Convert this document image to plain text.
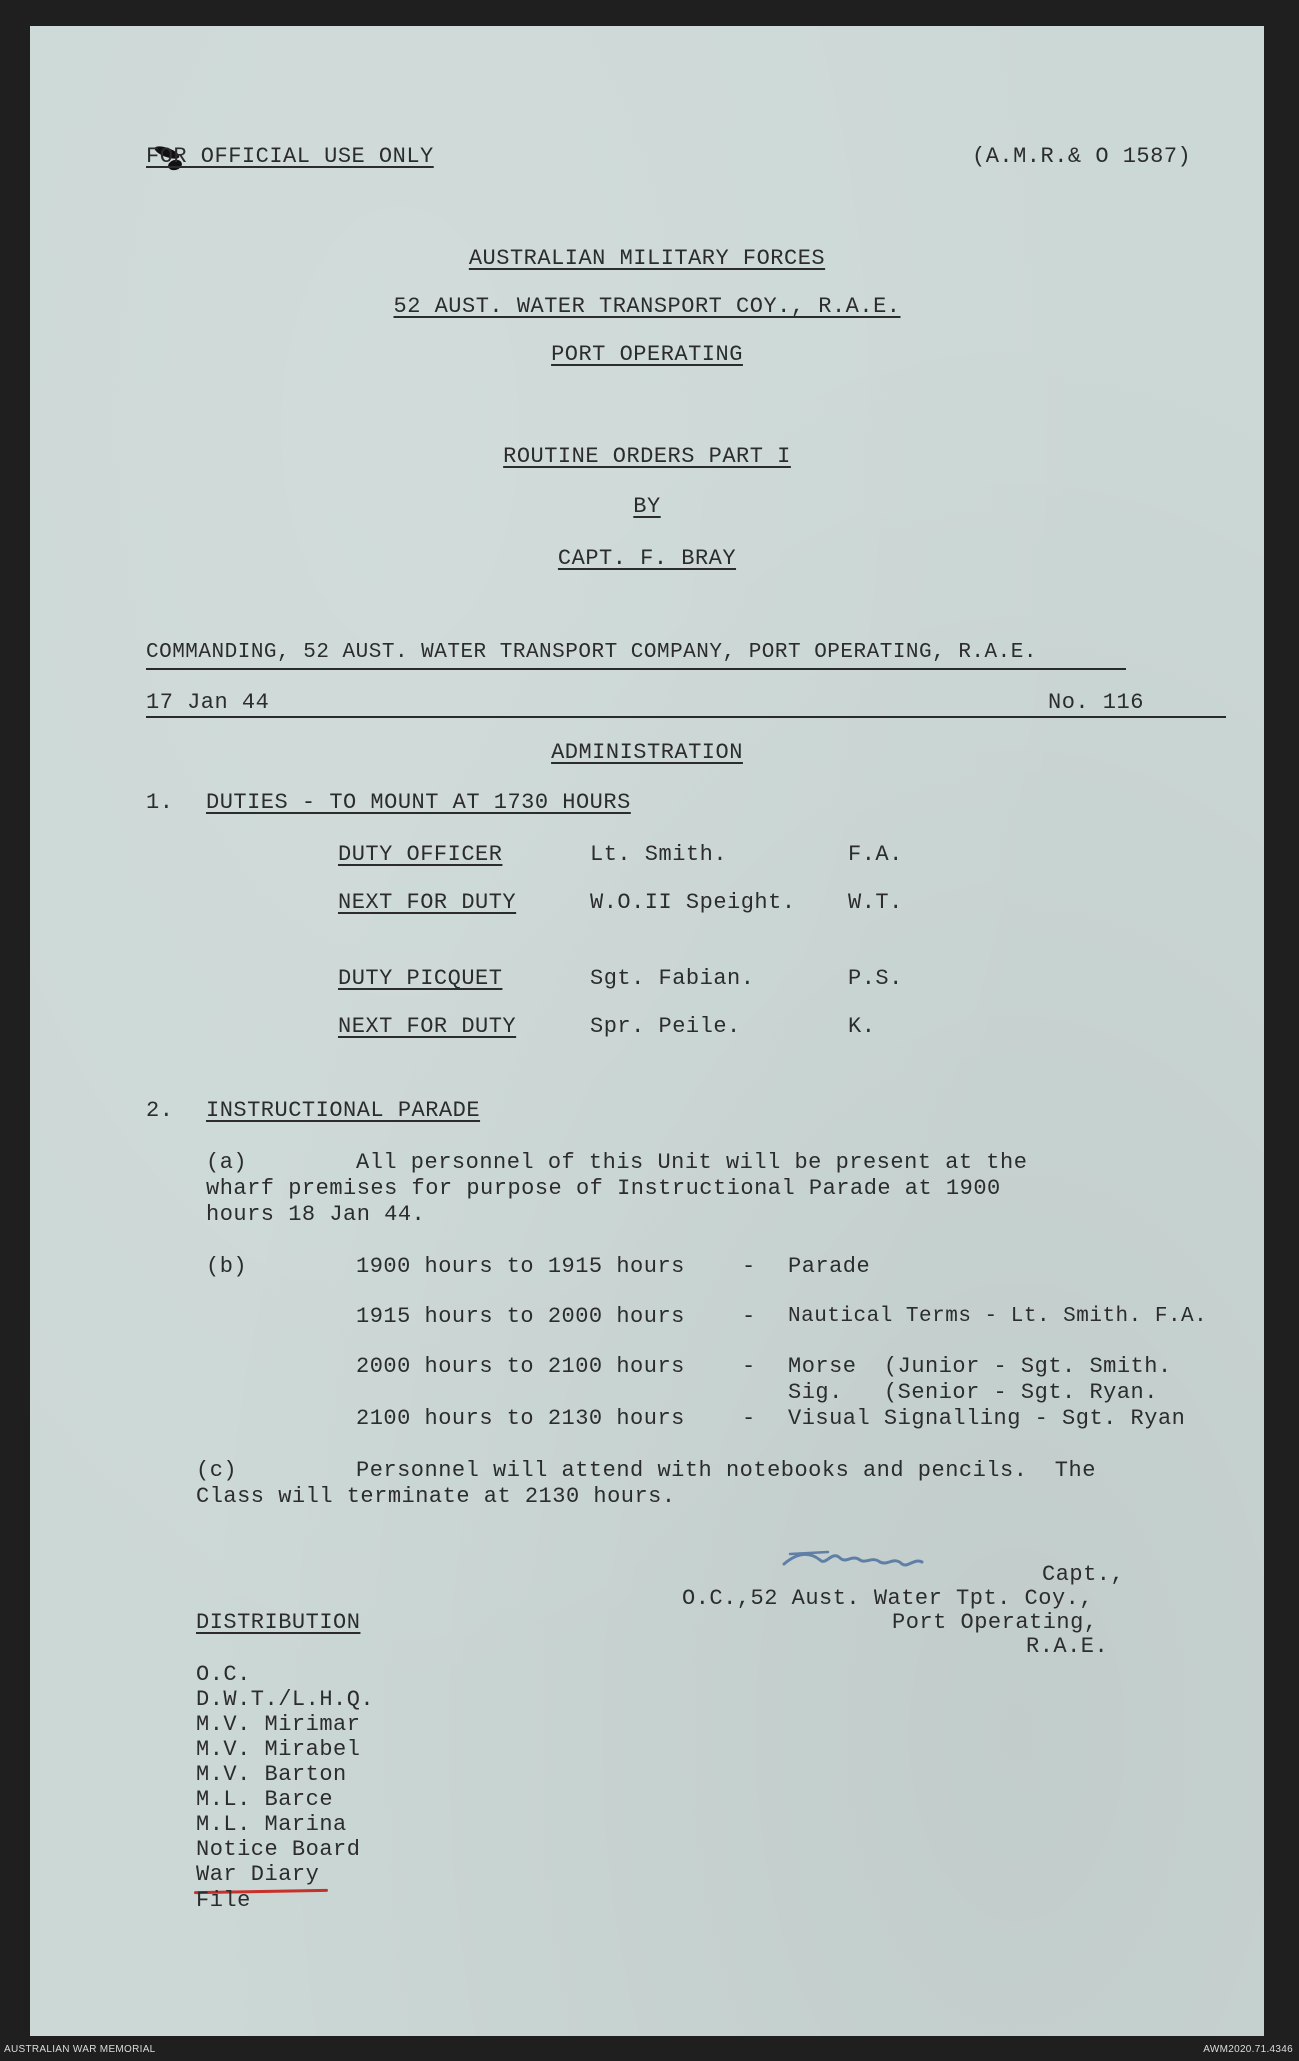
FOR OFFICIAL USE ONLY	(A.M.R.& O 1587)
AUSTRALIAN MILITARY FORCES
52 AUST. WATER TRANSPORT COY., R.A.E.
PORT OPERATING
ROUTINE ORDERS PART I
BY
CAPT. F. BRAY
COMMANDING, 52 AUST. WATER TRANSPORT COMPANY, PORT OPERATING, R.A.E.
17 Jan 44	No. 116
ADMINISTRATION
1. DUTIES - TO MOUNT AT 1730 HOURS
DUTY OFFICER	Lt. Smith.	F.A.
NEXT FOR DUTY	W.O.II Speight. W.T.
DUTY PICQUET	Sgt. Fabian.	P.S.
NEXT FOR DUTY	Spr. Peile.	K.
2. INSTRUCTIONAL PARADE
(a)	All personnel of this Unit will be present at the
wharf premises for purpose of Instructional Parade at 1900
hours 18 Jan 44.
(b)	1900 hours to 1915 hours	- Parade
1915 hours to 2000 hours	- Nautical Terms - Lt. Smith. F.A.
2000 hours to 2100 hours	- Morse  (Junior - Sgt. Smith.
Sig.   (Senior - Sgt. Ryan.
2100 hours to 2130 hours	- Visual Signalling - Sgt. Ryan
(c)	Personnel will attend with notebooks and pencils.  The
Class will terminate at 2130 hours.
Capt.,
O.C.,52 Aust. Water Tpt. Coy.,
Port Operating,
R.A.E.
DISTRIBUTION
O.C.
D.W.T./L.H.Q.
M.V. Mirimar
M.V. Mirabel
M.V. Barton
M.L. Barce
M.L. Marina
Notice Board
War Diary
File
AUSTRALIAN WAR MEMORIAL	AWM2020.71.4346
